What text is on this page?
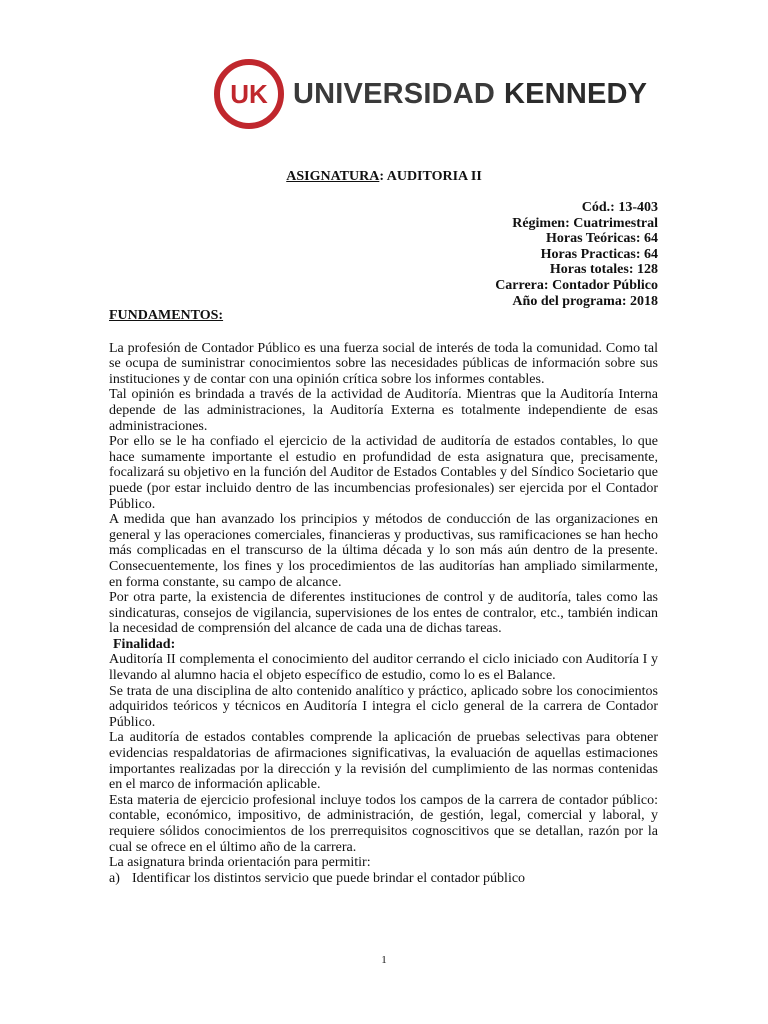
UK UNIVERSIDAD KENNEDY
ASIGNATURA: AUDITORIA II
Cód.: 13-403
Régimen: Cuatrimestral
Horas Teóricas: 64
Horas Practicas: 64
Horas totales: 128
Carrera: Contador Público
Año del programa: 2018
FUNDAMENTOS:

La profesión de Contador Público es una fuerza social de interés de toda la comunidad. Como tal se ocupa de suministrar conocimientos sobre las necesidades públicas de información sobre sus instituciones y de contar con una opinión crítica sobre los informes contables.

Tal opinión es brindada a través de la actividad de Auditoría. Mientras que la Auditoría Interna depende de las administraciones, la Auditoría Externa es totalmente independiente de esas administraciones.

Por ello se le ha confiado el ejercicio de la actividad de auditoría de estados contables, lo que hace sumamente importante el estudio en profundidad de esta asignatura que, precisamente, focalizará su objetivo en la función del Auditor de Estados Contables y del Síndico Societario que puede (por estar incluido dentro de las incumbencias profesionales) ser ejercida por el Contador Público.

A medida que han avanzado los principios y métodos de conducción de las organizaciones en general y las operaciones comerciales, financieras y productivas, sus ramificaciones se han hecho más complicadas en el transcurso de la última década y lo son más aún dentro de la presente. Consecuentemente, los fines y los procedimientos de las auditorías han ampliado similarmente, en forma constante, su campo de alcance.

Por otra parte, la existencia de diferentes instituciones de control y de auditoría, tales como las sindicaturas, consejos de vigilancia, supervisiones de los entes de contralor, etc., también indican la necesidad de comprensión del alcance de cada una de dichas tareas.

Finalidad:

Auditoría II complementa el conocimiento del auditor cerrando el ciclo iniciado con Auditoría I y llevando al alumno hacia el objeto específico de estudio, como lo es el Balance.

Se trata de una disciplina de alto contenido analítico y práctico, aplicado sobre los conocimientos adquiridos teóricos y técnicos en Auditoría I integra el ciclo general de la carrera de Contador Público.

La auditoría de estados contables comprende la aplicación de pruebas selectivas para obtener evidencias respaldatorias de afirmaciones significativas, la evaluación de aquellas estimaciones importantes realizadas por la dirección y la revisión del cumplimiento de las normas contenidas en el marco de información aplicable.

Esta materia de ejercicio profesional incluye todos los campos de la carrera de contador público: contable, económico, impositivo, de administración, de gestión, legal, comercial y laboral, y requiere sólidos conocimientos de los prerrequisitos cognoscitivos que se detallan, razón por la cual se ofrece en el último año de la carrera.

La asignatura brinda orientación para permitir:

a) Identificar los distintos servicio que puede brindar el contador público
1
